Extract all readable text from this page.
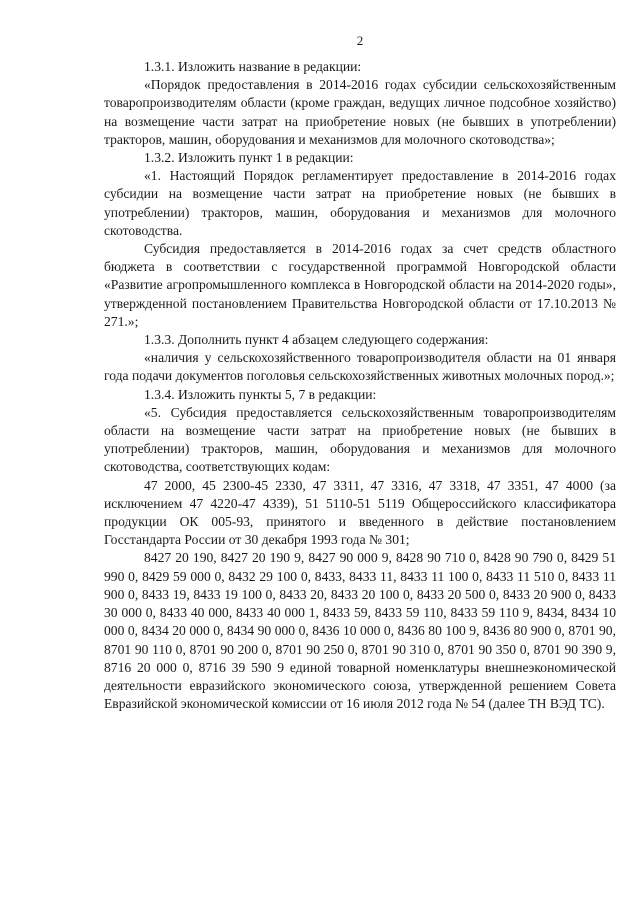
2

1.3.1. Изложить название в редакции:

«Порядок предоставления в 2014-2016 годах субсидии сельскохозяйственным товаропроизводителям области (кроме граждан, ведущих личное подсобное хозяйство) на возмещение части затрат на приобретение новых (не бывших в употреблении) тракторов, машин, оборудования и механизмов для молочного скотоводства»;

1.3.2. Изложить пункт 1 в редакции:

«1. Настоящий Порядок регламентирует предоставление в 2014-2016 годах субсидии на возмещение части затрат на приобретение новых (не бывших в употреблении) тракторов, машин, оборудования и механизмов для молочного скотоводства.

Субсидия предоставляется в 2014-2016 годах за счет средств областного бюджета в соответствии с государственной программой Новгородской области «Развитие агропромышленного комплекса в Новгородской области на 2014-2020 годы», утвержденной постановлением Правительства Новгородской области от 17.10.2013 № 271.»;

1.3.3. Дополнить пункт 4 абзацем следующего содержания:

«наличия у сельскохозяйственного товаропроизводителя области на 01 января года подачи документов поголовья сельскохозяйственных животных молочных пород.»;

1.3.4. Изложить пункты 5, 7 в редакции:

«5. Субсидия предоставляется сельскохозяйственным товаропроизводителям области на возмещение части затрат на приобретение новых (не бывших в употреблении) тракторов, машин, оборудования и механизмов для молочного скотоводства, соответствующих кодам:

47 2000, 45 2300-45 2330, 47 3311, 47 3316, 47 3318, 47 3351, 47 4000 (за исключением 47 4220-47 4339), 51 5110-51 5119 Общероссийского классификатора продукции ОК 005-93, принятого и введенного в действие постановлением Госстандарта России от 30 декабря 1993 года № 301;

8427 20 190, 8427 20 190 9, 8427 90 000 9, 8428 90 710 0, 8428 90 790 0, 8429 51 990 0, 8429 59 000 0, 8432 29 100 0, 8433, 8433 11, 8433 11 100 0, 8433 11 510 0, 8433 11 900 0, 8433 19, 8433 19 100 0, 8433 20, 8433 20 100 0, 8433 20 500 0, 8433 20 900 0, 8433 30 000 0, 8433 40 000, 8433 40 000 1, 8433 59, 8433 59 110, 8433 59 110 9, 8434, 8434 10 000 0, 8434 20 000 0, 8434 90 000 0, 8436 10 000 0, 8436 80 100 9, 8436 80 900 0, 8701 90, 8701 90 110 0, 8701 90 200 0, 8701 90 250 0, 8701 90 310 0, 8701 90 350 0, 8701 90 390 9, 8716 20 000 0, 8716 39 590 9 единой товарной номенклатуры внешнеэкономической деятельности евразийского экономического союза, утвержденной решением Совета Евразийской экономической комиссии от 16 июля 2012 года № 54 (далее ТН ВЭД ТС).
